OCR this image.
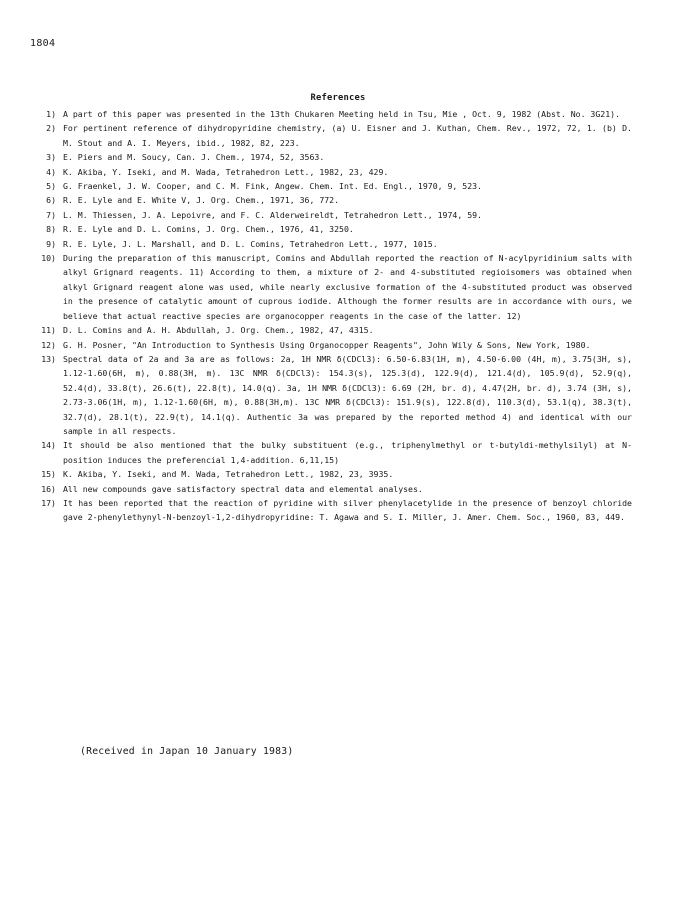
1804
References
1) A part of this paper was presented in the 13th Chukaren Meeting held in Tsu, Mie , Oct. 9, 1982 (Abst. No. 3G21).
2) For pertinent reference of dihydropyridine chemistry, (a) U. Eisner and J. Kuthan, Chem. Rev., 1972, 72, 1. (b) D. M. Stout and A. I. Meyers, ibid., 1982, 82, 223.
3) E. Piers and M. Soucy, Can. J. Chem., 1974, 52, 3563.
4) K. Akiba, Y. Iseki, and M. Wada, Tetrahedron Lett., 1982, 23, 429.
5) G. Fraenkel, J. W. Cooper, and C. M. Fink, Angew. Chem. Int. Ed. Engl., 1970, 9, 523.
6) R. E. Lyle and E. White V, J. Org. Chem., 1971, 36, 772.
7) L. M. Thiessen, J. A. Lepoivre, and F. C. Alderweireldt, Tetrahedron Lett., 1974, 59.
8) R. E. Lyle and D. L. Comins, J. Org. Chem., 1976, 41, 3250.
9) R. E. Lyle, J. L. Marshall, and D. L. Comins, Tetrahedron Lett., 1977, 1015.
10) During the preparation of this manuscript, Comins and Abdullah reported the reaction of N-acylpyridinium salts with alkyl Grignard reagents. 11) According to them, a mixture of 2- and 4-substituted regioisomers was obtained when alkyl Grignard reagent alone was used, while nearly exclusive formation of the 4-substituted product was observed in the presence of catalytic amount of cuprous iodide. Although the former results are in accordance with ours, we believe that actual reactive species are organocopper reagents in the case of the latter. 12)
11) D. L. Comins and A. H. Abdullah, J. Org. Chem., 1982, 47, 4315.
12) G. H. Posner, "An Introduction to Synthesis Using Organocopper Reagents", John Wily & Sons, New York, 1980.
13) Spectral data of 2a and 3a are as follows: 2a, 1H NMR δ(CDCl3): 6.50-6.83(1H, m), 4.50-6.00 (4H, m), 3.75(3H, s), 1.12-1.60(6H, m), 0.88(3H, m). 13C NMR δ(CDCl3): 154.3(s), 125.3(d), 122.9(d), 121.4(d), 105.9(d), 52.9(q), 52.4(d), 33.8(t), 26.6(t), 22.8(t), 14.0(q). 3a, 1H NMR δ(CDCl3): 6.69 (2H, br. d), 4.47(2H, br. d), 3.74 (3H, s), 2.73-3.06(1H, m), 1.12-1.60(6H, m), 0.88(3H,m). 13C NMR δ(CDCl3): 151.9(s), 122.8(d), 110.3(d), 53.1(q), 38.3(t), 32.7(d), 28.1(t), 22.9(t), 14.1(q). Authentic 3a was prepared by the reported method 4) and identical with our sample in all respects.
14) It should be also mentioned that the bulky substituent (e.g., triphenylmethyl or t-butyldi-methylsilyl) at N-position induces the preferencial 1,4-addition. 6,11,15)
15) K. Akiba, Y. Iseki, and M. Wada, Tetrahedron Lett., 1982, 23, 3935.
16) All new compounds gave satisfactory spectral data and elemental analyses.
17) It has been reported that the reaction of pyridine with silver phenylacetylide in the presence of benzoyl chloride gave 2-phenylethynyl-N-benzoyl-1,2-dihydropyridine: T. Agawa and S. I. Miller, J. Amer. Chem. Soc., 1960, 83, 449.
(Received in Japan 10 January 1983)
